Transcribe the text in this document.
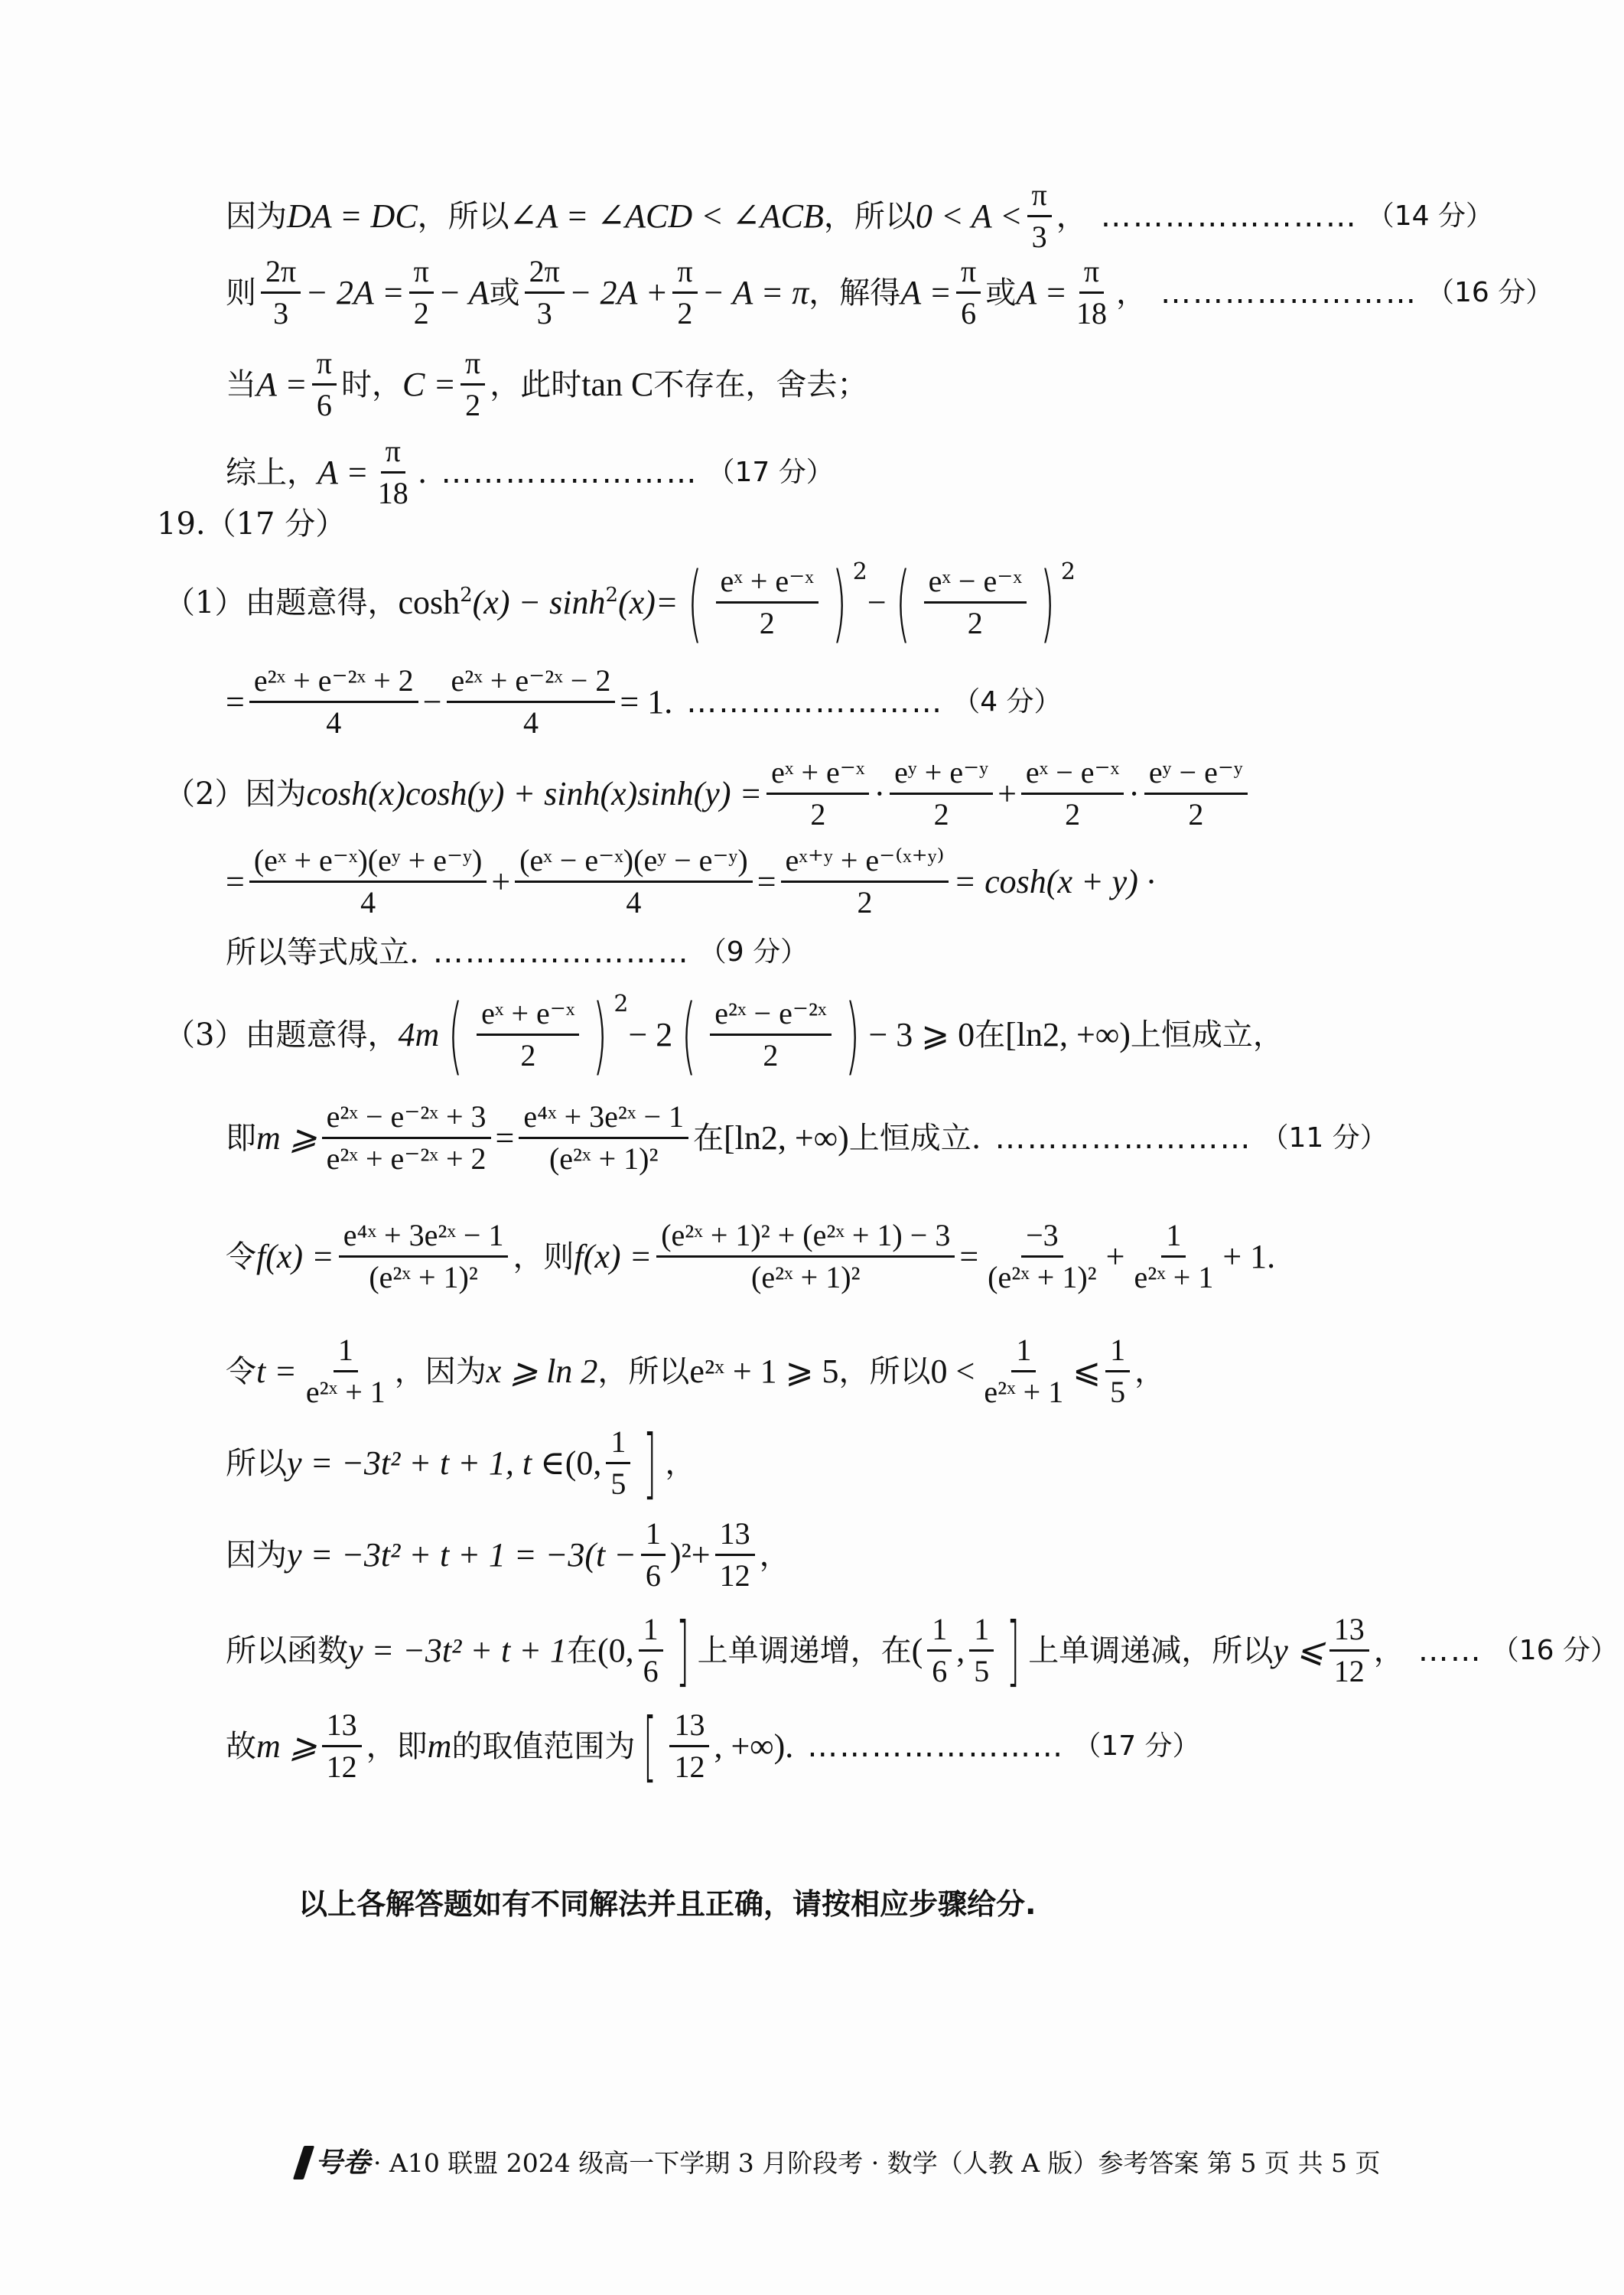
因为 DA = DC ，所以 ∠A = ∠ACD < ∠ACB ，所以 $0 < A < \frac{\pi}{3}$ ， …………………… （14 分）
则 $\frac{2\pi}{3} - 2A = \frac{\pi}{2} - A$ 或 $\frac{2\pi}{3} - 2A + \frac{\pi}{2} - A = \pi$ ，解得 $A = \frac{\pi}{6}$ 或 $A = \frac{\pi}{18}$ ， …………………… （16 分）
当 $A = \frac{\pi}{6}$ 时， $C = \frac{\pi}{2}$ ，此时 tan C 不存在，舍去；
综上， $A = \frac{\pi}{18}$ . …………………… （17 分）
19.（17 分）
（1）由题意得， cosh 2 (x) − sinh 2 (x)= ( $\frac{\text{eˣ + e⁻ˣ}}{2}$ ) 2
− ( $\frac{\text{eˣ − e⁻ˣ}}{2}$ ) 2
= $\frac{\text{e²ˣ + e⁻²ˣ + 2}}{4} - \frac{\text{e²ˣ + e⁻²ˣ − 2}}{4} = 1$. …………………… （4 分）
（2）因为 $\cosh(x)\cosh(y) + \sinh(x)\sinh(y) = \frac{\text{eˣ + e⁻ˣ}}{2} \cdot \frac{\text{eʸ + e⁻ʸ}}{2} + \frac{\text{eˣ − e⁻ˣ}}{2} \cdot \frac{\text{eʸ − e⁻ʸ}}{2}$
= $\frac{\text{(eˣ + e⁻ˣ)(eʸ + e⁻ʸ)}}{4} + \frac{\text{(eˣ − e⁻ˣ)(eʸ − e⁻ʸ)}}{4} = \frac{\text{eˣ⁺ʸ + e⁻⁽ˣ⁺ʸ⁾}}{2} = \cosh(x + y)$ ·
所以等式成立. …………………… （9 分）
（3）由题意得， 4m ( $\frac{\text{eˣ + e⁻ˣ}}{2}$ ) 2
− 2 ( $\frac{\text{e²ˣ − e⁻²ˣ}}{2}$ ) − 3 ⩾ 0 在 [ln2, +∞) 上恒成立，
即 m ⩾ $\frac{\text{e²ˣ − e⁻²ˣ + 3}}{\text{e²ˣ + e⁻²ˣ + 2}} = \frac{\text{e⁴ˣ + 3e²ˣ − 1}}{\text{(e²ˣ + 1)²}}$ 在 [ln2, +∞) 上恒成立. …………………… （11 分）
令 $f(x) = \frac{\text{e⁴ˣ + 3e²ˣ − 1}}{\text{(e²ˣ + 1)²}}$ ，则 $f(x) = \frac{\text{(e²ˣ + 1)² + (e²ˣ + 1) − 3}}{\text{(e²ˣ + 1)²}} = \frac{-3}{\text{(e²ˣ + 1)²}} + \frac{1}{\text{e²ˣ + 1}} + 1$.
令 $t = \frac{1}{\text{e²ˣ + 1}}$ ，因为 x ⩾ ln 2 ，所以 e²ˣ + 1 ⩾ 5 ，所以 $0 < \frac{1}{\text{e²ˣ + 1}}$ ⩽ $\frac{1}{5}$ ，
所以 y = −3t² + t + 1, t ∈ (0, $\frac{1}{5}$ ] ，
因为 y = −3t² + t + 1 = −3 $(t - \frac{1}{6} )^2 + \frac{13}{12}$ ，
所以函数 y = −3t² + t + 1 在 (0, $\frac{1}{6}$ ] 上单调递增，在 ( $\frac{1}{6}$ , $\frac{1}{5}$ ] 上单调递减，所以 y ⩽ $\frac{13}{12}$ ， …… （16 分）
故 m ⩾ $\frac{13}{12}$ ，即 m 的取值范围为 [ $\frac{13}{12}$ , +∞). …………………… （17 分）
以上各解答题如有不同解法并且正确，请按相应步骤给分.
号卷 · A10 联盟 2024 级高一下学期 3 月阶段考 · 数学（人教 A 版）参考答案 第 5 页 共 5 页
